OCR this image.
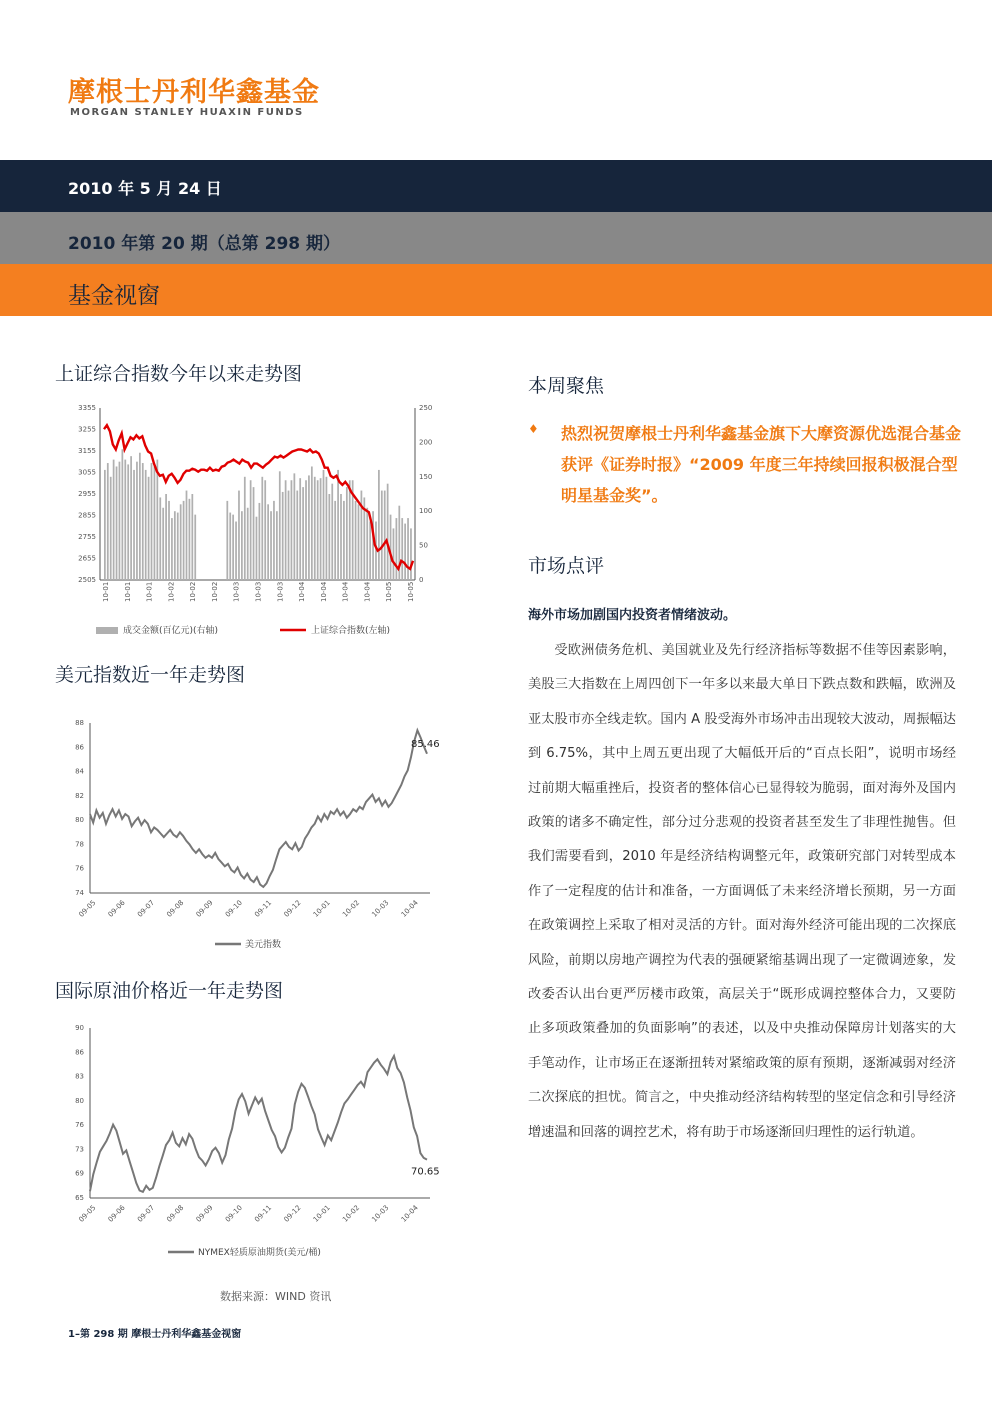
摩根士丹利华鑫基金
MORGAN STANLEY HUAXIN FUNDS
2010 年 5 月 24 日
2010 年第 20 期（总第 298 期）
基金视窗
上证综合指数今年以来走势图
2505
2655
2755
2855
2955
3055
3155
3255
3355
0
50
100
150
200
250
10-01 10-01 10-01 10-02 10-02 10-02 10-03 10-03 10-03 10-04 10-04 10-04 10-04 10-05 10-05
成交金额(百亿元)(右轴)	上证综合指数(左轴)
美元指数近一年走势图
74
76
78
80
82
84
86
88
85.46
09-05 09-06 09-07 09-08 09-09 09-10 09-11 09-12 10-01 10-02 10-03 10-04
美元指数
国际原油价格近一年走势图
65
69
73
76
80
83
86
90
70.65
09-05 09-06 09-07 09-08 09-09 09-10 09-11 09-12 10-01 10-02 10-03 10-04
NYMEX轻质原油期货(美元/桶)
数据来源：WIND 资讯
本周聚焦
♦ 热烈祝贺摩根士丹利华鑫基金旗下大摩资源优选混合基金获评《证券时报》“2009 年度三年持续回报积极混合型明星基金奖”。
市场点评
海外市场加剧国内投资者情绪波动。
受欧洲债务危机、美国就业及先行经济指标等数据不佳等因素影响，美股三大指数在上周四创下一年多以来最大单日下跌点数和跌幅，欧洲及亚太股市亦全线走软。国内 A 股受海外市场冲击出现较大波动，周振幅达到 6.75%，其中上周五更出现了大幅低开后的“百点长阳”，说明市场经过前期大幅重挫后，投资者的整体信心已显得较为脆弱，面对海外及国内政策的诸多不确定性，部分过分悲观的投资者甚至发生了非理性抛售。但我们需要看到，2010 年是经济结构调整元年，政策研究部门对转型成本作了一定程度的估计和准备，一方面调低了未来经济增长预期，另一方面在政策调控上采取了相对灵活的方针。面对海外经济可能出现的二次探底风险，前期以房地产调控为代表的强硬紧缩基调出现了一定微调迹象，发改委否认出台更严厉楼市政策，高层关于“既形成调控整体合力，又要防止多项政策叠加的负面影响”的表述，以及中央推动保障房计划落实的大手笔动作，让市场正在逐渐扭转对紧缩政策的原有预期，逐渐减弱对经济二次探底的担忧。简言之，中央推动经济结构转型的坚定信念和引导经济增速温和回落的调控艺术，将有助于市场逐渐回归理性的运行轨道。
1–第 298 期 摩根士丹利华鑫基金视窗
